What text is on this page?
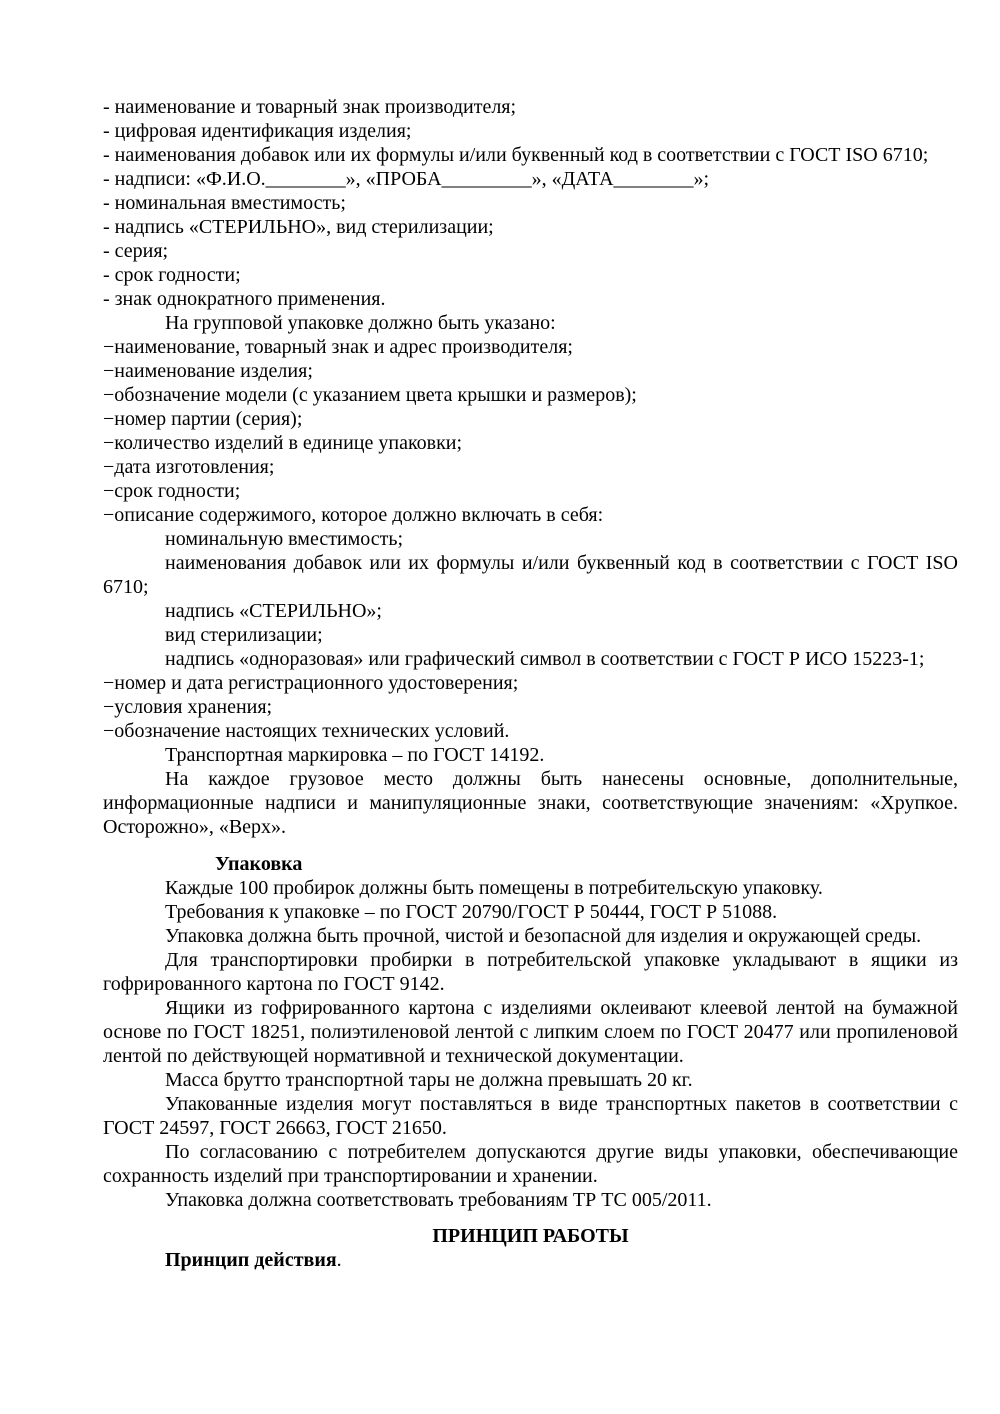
- наименование и товарный знак производителя;

- цифровая идентификация изделия;

- наименования добавок или их формулы и/или буквенный код в соответствии с ГОСТ ISO 6710;

- надписи: «Ф.И.О.________», «ПРОБА_________», «ДАТА________»;

- номинальная вместимость;

- надпись «СТЕРИЛЬНО», вид стерилизации;

- серия;

- срок годности;

- знак однократного применения.

На групповой упаковке должно быть указано:

−наименование, товарный знак и адрес производителя;

−наименование изделия;

−обозначение модели (с указанием цвета крышки и размеров);

−номер партии (серия);

−количество изделий в единице упаковки;

−дата изготовления;

−срок годности;

−описание содержимого, которое должно включать в себя:

номинальную вместимость;

наименования добавок или их формулы и/или буквенный код в соответствии с ГОСТ ISO 6710;

надпись «СТЕРИЛЬНО»;

вид стерилизации;

надпись «одноразовая» или графический символ в соответствии с ГОСТ Р ИСО 15223-1;

−номер и дата регистрационного удостоверения;

−условия хранения;

−обозначение настоящих технических условий.

Транспортная маркировка – по ГОСТ 14192.

На каждое грузовое место должны быть нанесены основные, дополнительные, информационные надписи и манипуляционные знаки, соответствующие значениям: «Хрупкое. Осторожно», «Верх».

Упаковка

Каждые 100 пробирок должны быть помещены в потребительскую упаковку.

Требования к упаковке – по ГОСТ 20790/ГОСТ Р 50444, ГОСТ Р 51088.

Упаковка должна быть прочной, чистой и безопасной для изделия и окружающей среды.

Для транспортировки пробирки в потребительской упаковке укладывают в ящики из гофрированного картона по ГОСТ 9142.

Ящики из гофрированного картона с изделиями оклеивают клеевой лентой на бумажной основе по ГОСТ 18251, полиэтиленовой лентой с липким слоем по ГОСТ 20477 или пропиленовой лентой по действующей нормативной и технической документации.

Масса брутто транспортной тары не должна превышать 20 кг.

Упакованные изделия могут поставляться в виде транспортных пакетов в соответствии с ГОСТ 24597, ГОСТ 26663, ГОСТ 21650.

По согласованию с потребителем допускаются другие виды упаковки, обеспечивающие сохранность изделий при транспортировании и хранении.

Упаковка должна соответствовать требованиям ТР ТС 005/2011.

ПРИНЦИП РАБОТЫ

Принцип действия.
